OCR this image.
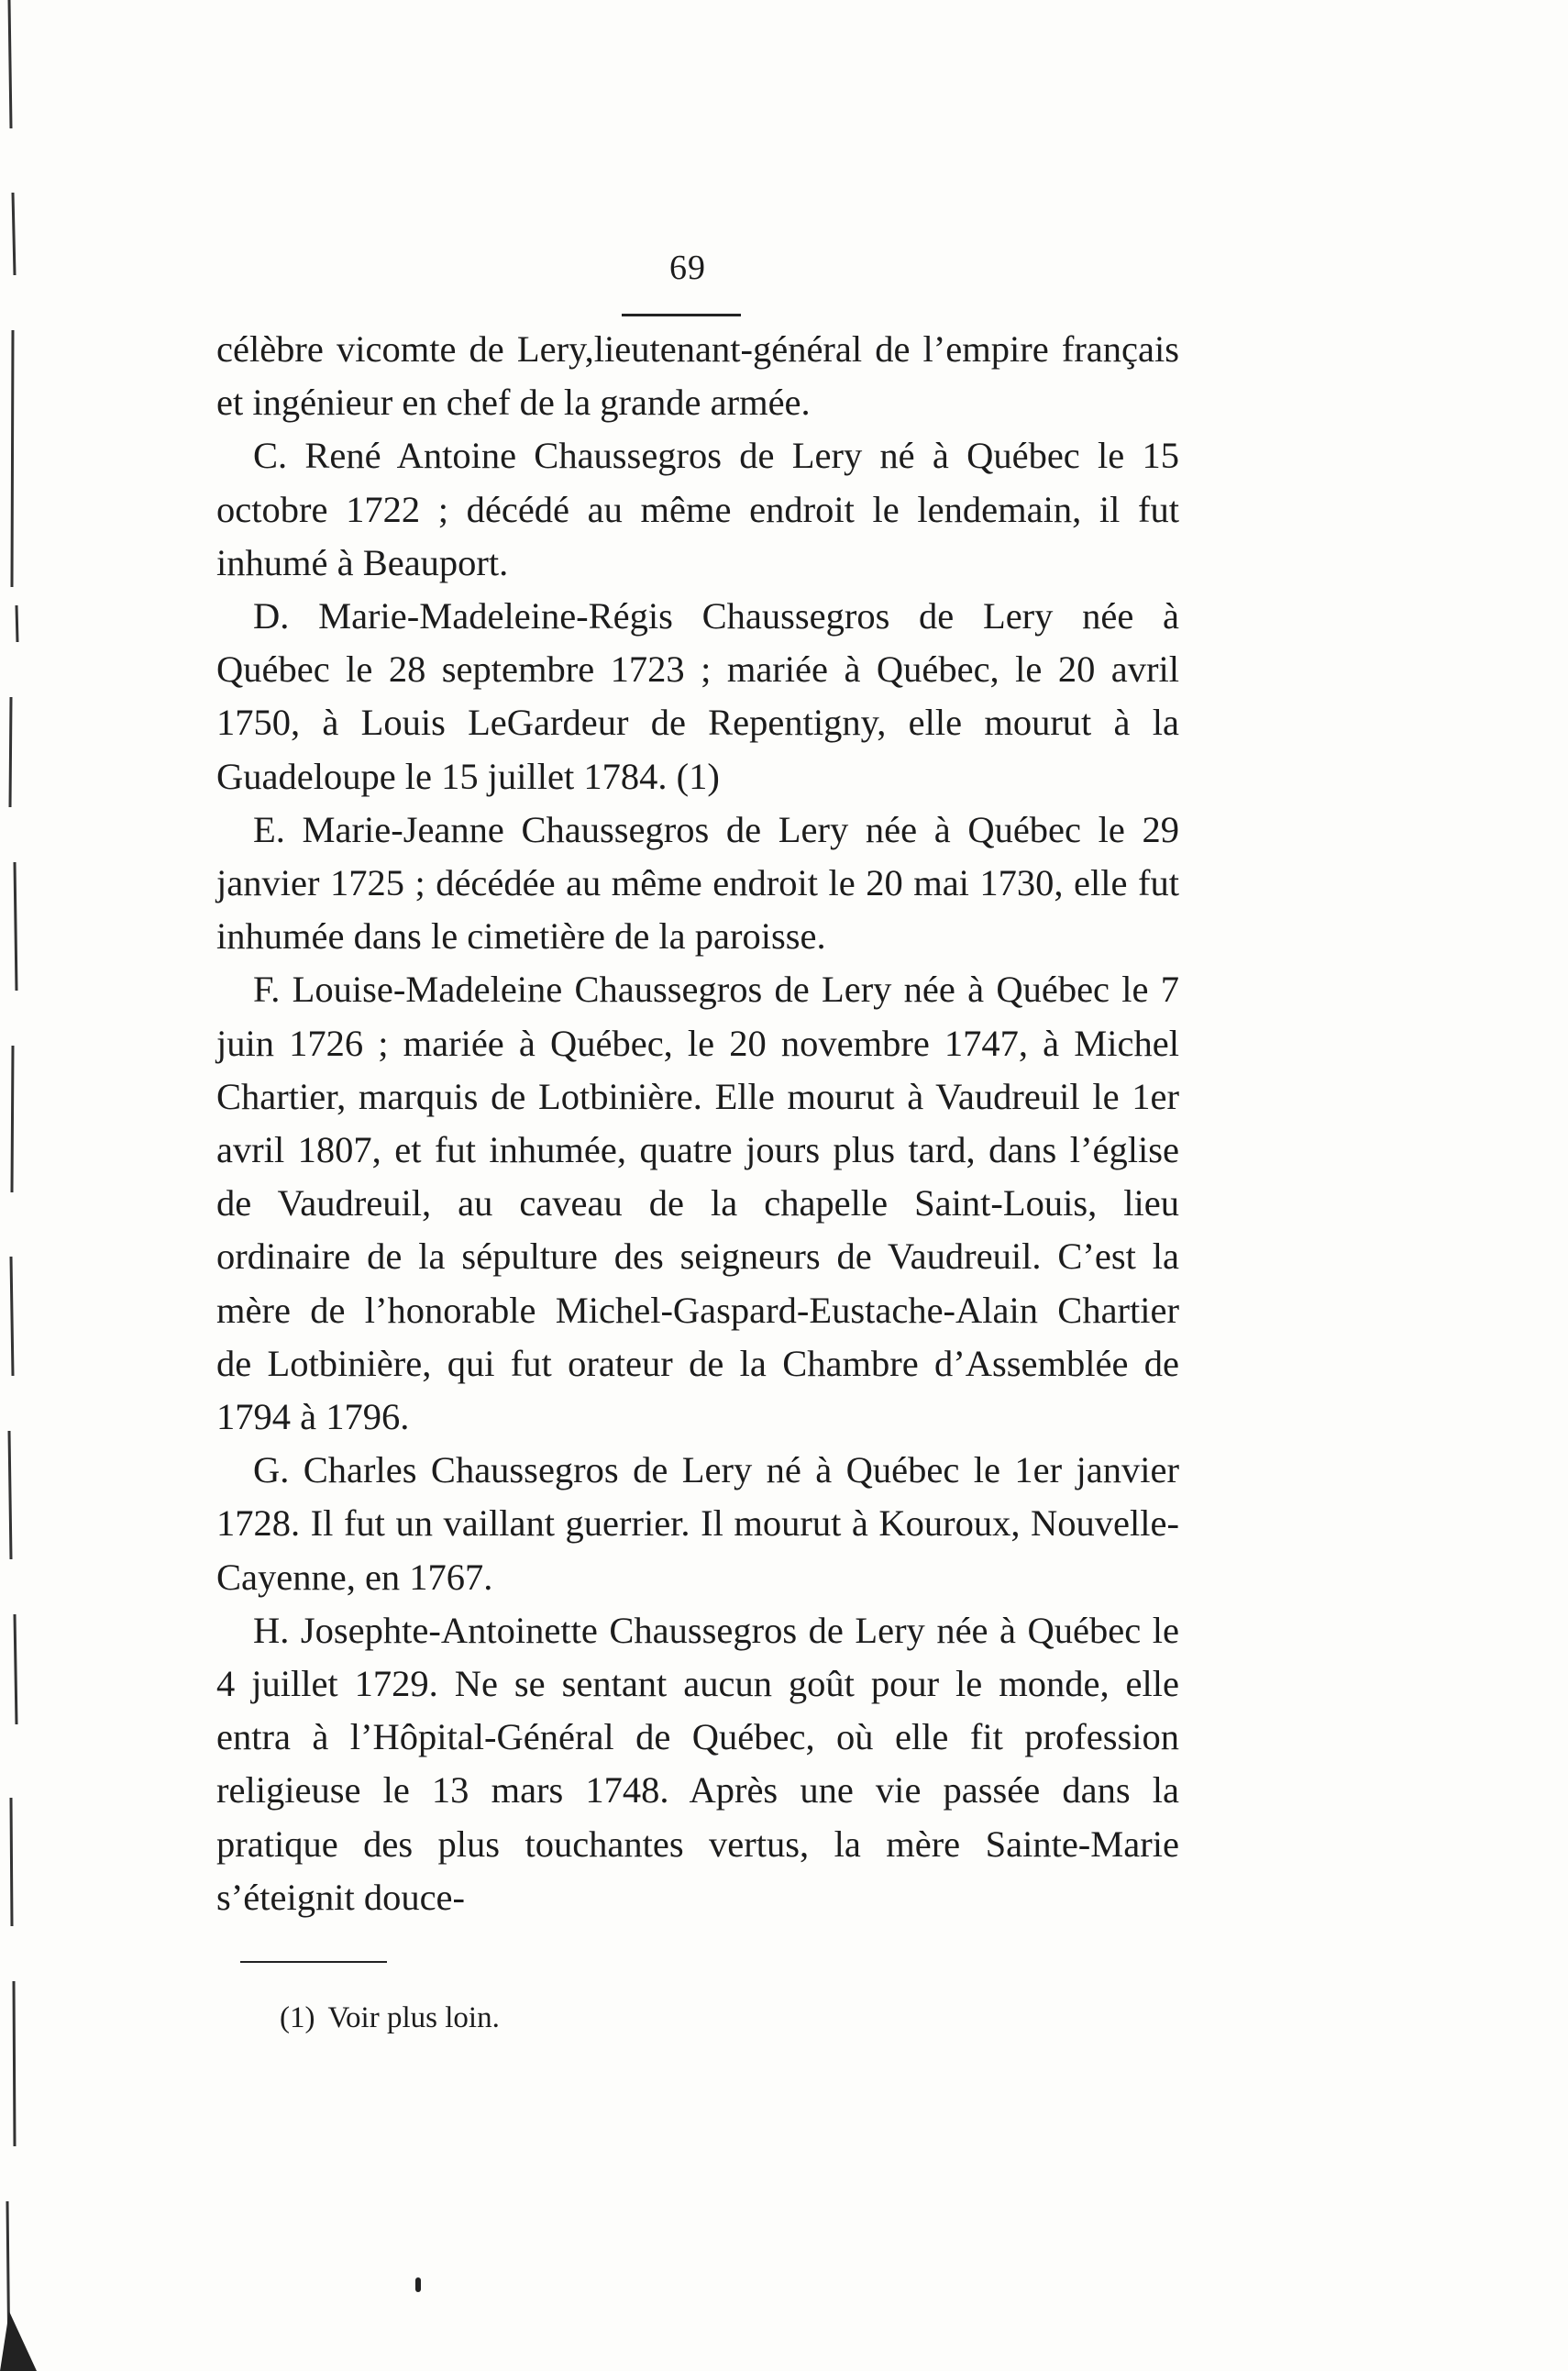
69

célèbre vicomte de Lery,lieutenant-général de l’empire français et ingénieur en chef de la grande armée.

C. René Antoine Chaussegros de Lery né à Québec le 15 octobre 1722 ; décédé au même endroit le lendemain, il fut inhumé à Beauport.

D. Marie-Madeleine-Régis Chaussegros de Lery née à Québec le 28 septembre 1723 ; mariée à Québec, le 20 avril 1750, à Louis LeGardeur de Repentigny, elle mourut à la Guadeloupe le 15 juillet 1784. (1)

E. Marie-Jeanne Chaussegros de Lery née à Québec le 29 janvier 1725 ; décédée au même endroit le 20 mai 1730, elle fut inhumée dans le cimetière de la paroisse.

F. Louise-Madeleine Chaussegros de Lery née à Québec le 7 juin 1726 ; mariée à Québec, le 20 novembre 1747, à Michel Chartier, marquis de Lotbinière. Elle mourut à Vaudreuil le 1er avril 1807, et fut inhumée, quatre jours plus tard, dans l’église de Vaudreuil, au caveau de la chapelle Saint-Louis, lieu ordinaire de la sépulture des seigneurs de Vaudreuil. C’est la mère de l’honorable Michel-Gaspard-Eustache-Alain Chartier de Lotbinière, qui fut orateur de la Chambre d’Assemblée de 1794 à 1796.

G. Charles Chaussegros de Lery né à Québec le 1er janvier 1728. Il fut un vaillant guerrier. Il mourut à Kouroux, Nouvelle-Cayenne, en 1767.

H. Josephte-Antoinette Chaussegros de Lery née à Québec le 4 juillet 1729. Ne se sentant aucun goût pour le monde, elle entra à l’Hôpital-Général de Québec, où elle fit profession religieuse le 13 mars 1748. Après une vie passée dans la pratique des plus touchantes vertus, la mère Sainte-Marie s’éteignit douce-

(1) Voir plus loin.
